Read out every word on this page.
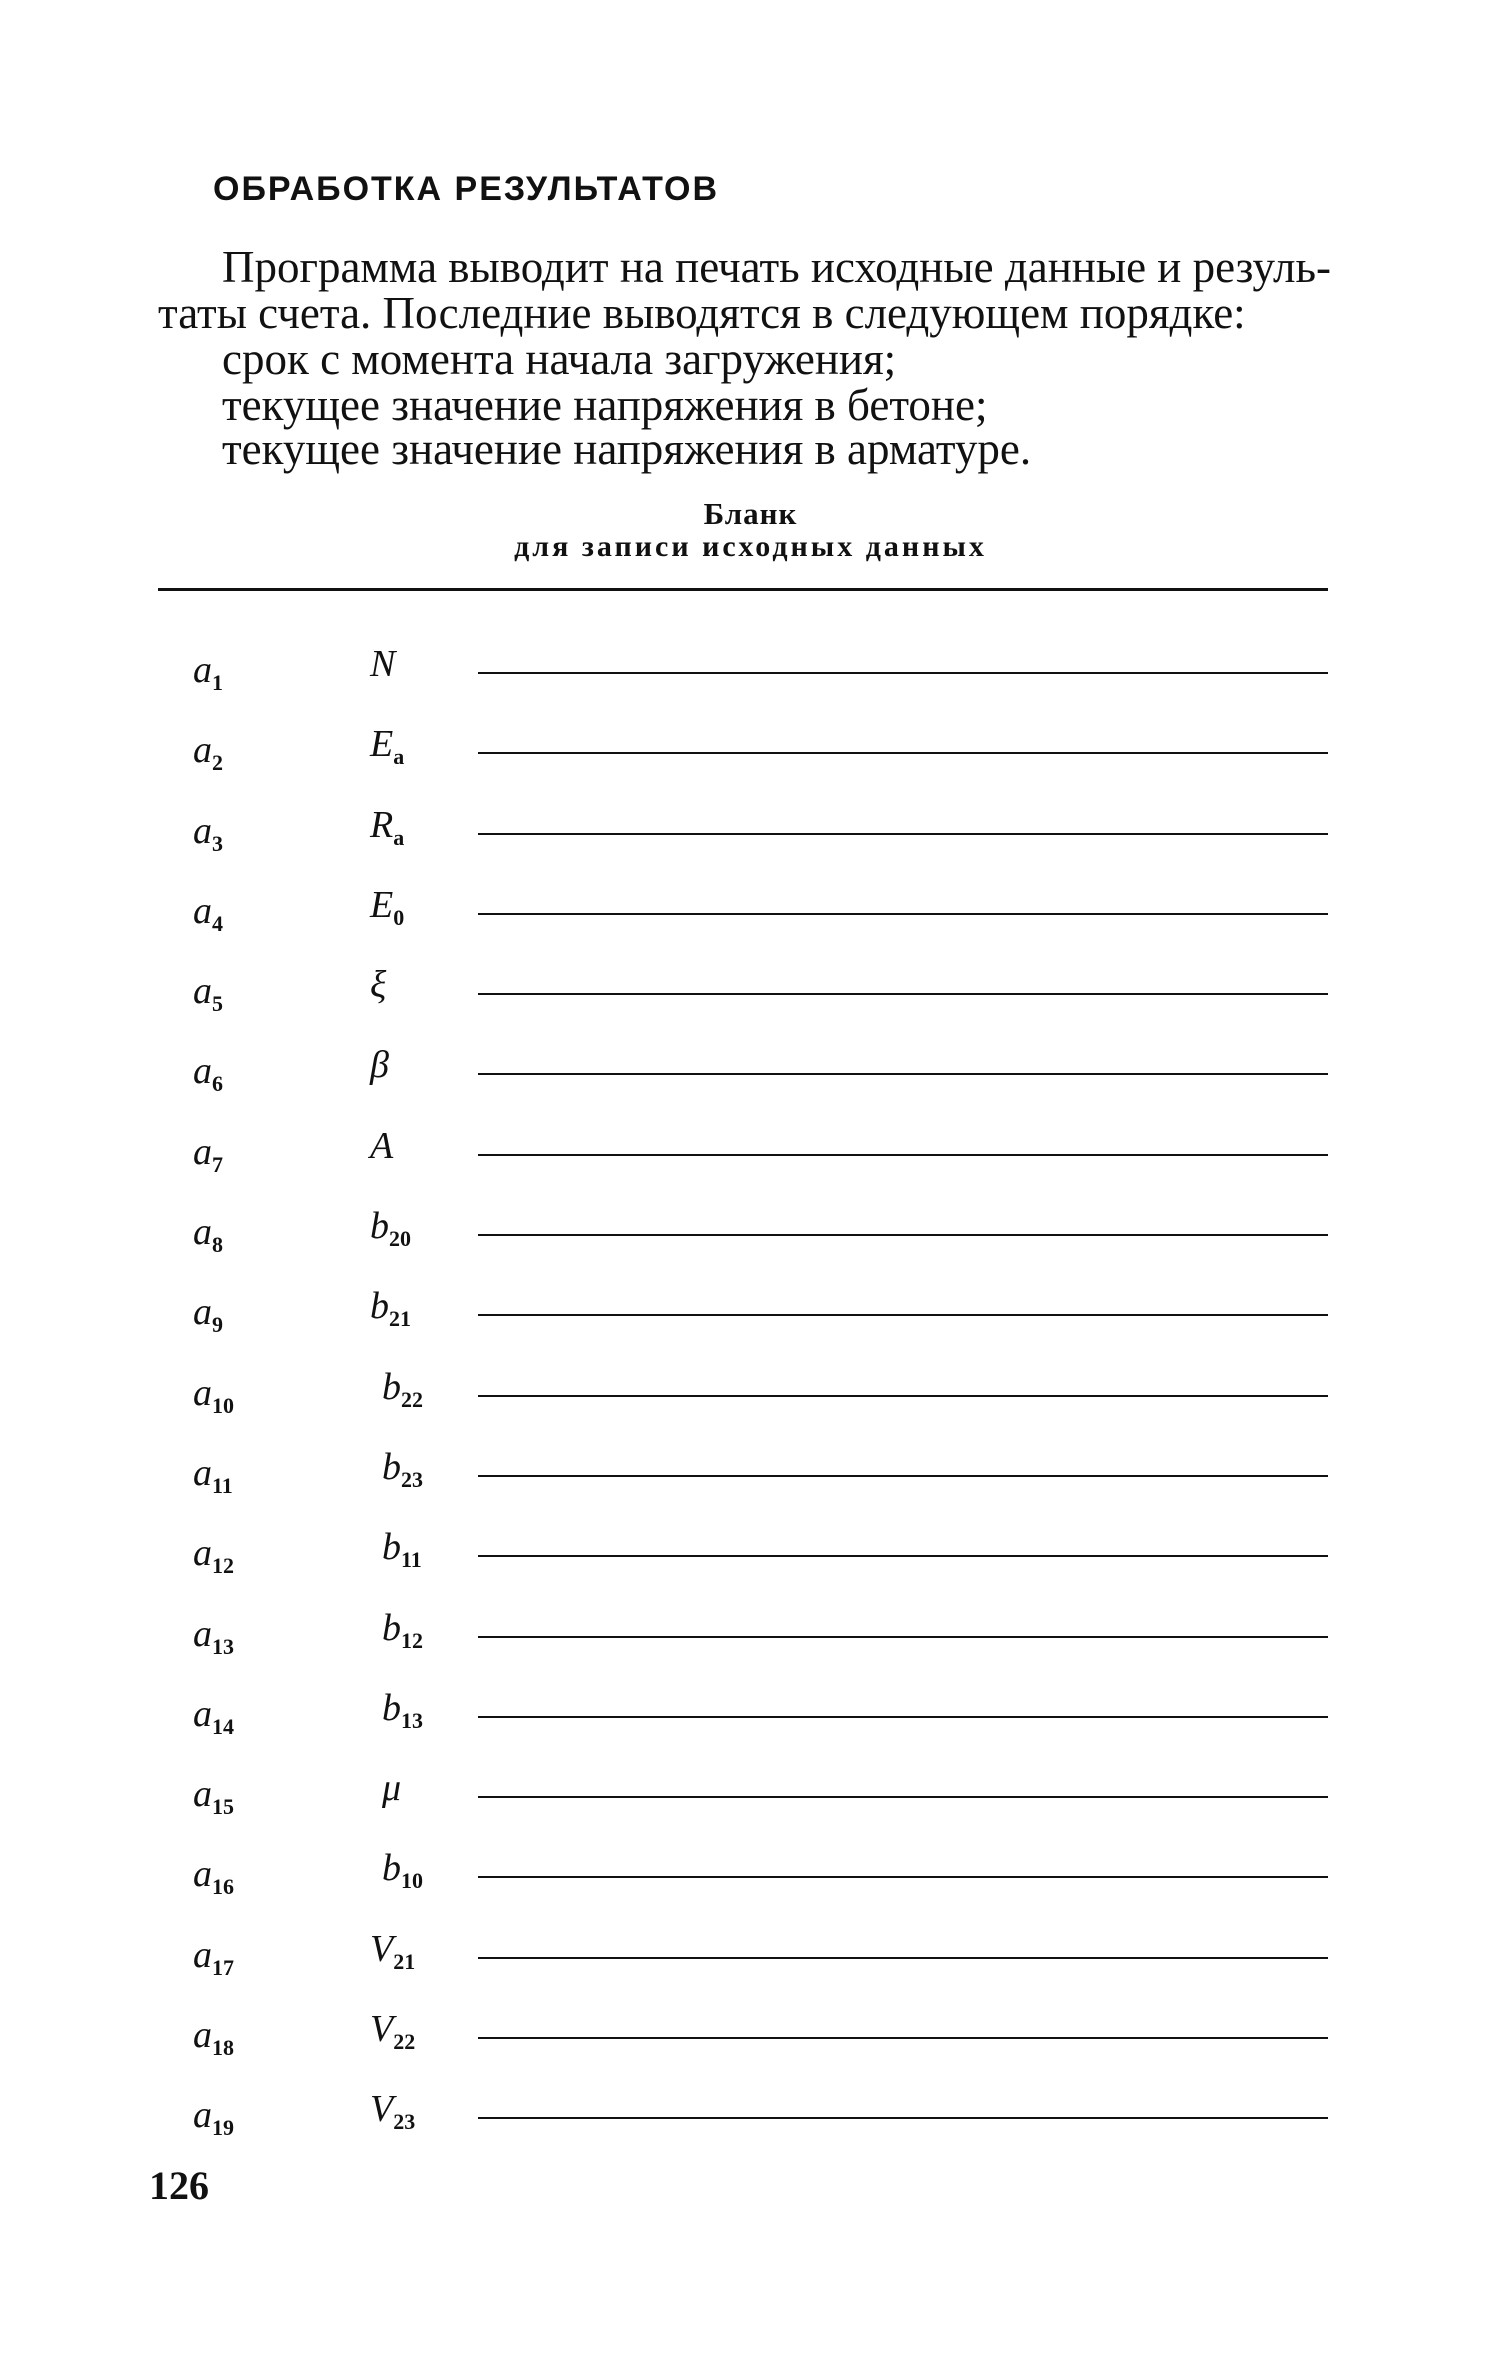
ОБРАБОТКА РЕЗУЛЬТАТОВ
Программа выводит на печать исходные данные и резуль-
таты счета. Последние выводятся в следующем порядке:
срок с момента начала загружения;
текущее значение напряжения в бетоне;
текущее значение напряжения в арматуре.
Бланк
для записи исходных данных
$a_1$	N
$a_2$	$E_a$
$a_3$	$R_a$
$a_4$	$E_0$
$a_5$	ξ
$a_6$	β
$a_7$	A
$a_8$	$b_{20}$
$a_9$	$b_{21}$
$a_{10}$	$b_{22}$
$a_{11}$	$b_{23}$
$a_{12}$	$b_{11}$
$a_{13}$	$b_{12}$
$a_{14}$	$b_{13}$
$a_{15}$	μ
$a_{16}$	$b_{10}$
$a_{17}$	$V_{21}$
$a_{18}$	$V_{22}$
$a_{19}$	$V_{23}$
126
